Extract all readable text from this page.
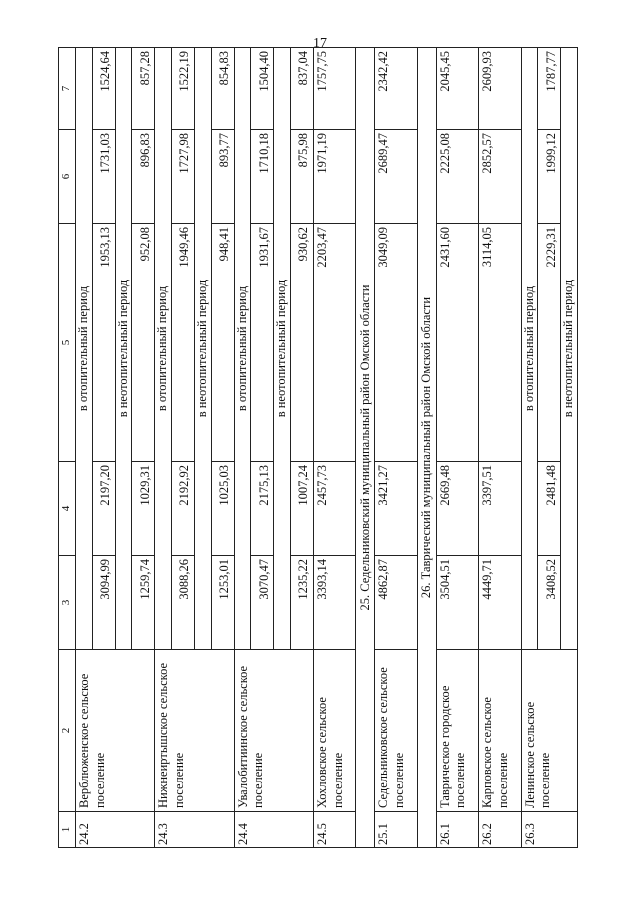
17
1	2	3	4	5	6	7
24.2	Верблюженское сельское поселение	в отопительный период				
		3094,99	2197,20	1953,13	1731,03	1524,64
		в неотопительный период				
		1259,74	1029,31	952,08	896,83	857,28
24.3	Нижнеиртышское сельское поселение	в отопительный период				
		3088,26	2192,92	1949,46	1727,98	1522,19
		в неотопительный период				
		1253,01	1025,03	948,41	893,77	854,83
24.4	Увалобитиинское сельское поселение	в отопительный период				
		3070,47	2175,13	1931,67	1710,18	1504,40
		в неотопительный период				
		1235,22	1007,24	930,62	875,98	837,04
24.5	Хохловское сельское поселение	3393,14	2457,73	2203,47	1971,19	1757,75
25. Седельниковский муниципальный район Омской области						
25.1	Седельниковское сельское поселение	4862,87	3421,27	3049,09	2689,47	2342,42
26. Таврический муниципальный район Омской области						
26.1	Таврическое городское поселение	3504,51	2669,48	2431,60	2225,08	2045,45
26.2	Карповское сельское поселение	4449,71	3397,51	3114,05	2852,57	2609,93
26.3	Ленинское сельское поселение	в отопительный период				
		3408,52	2481,48	2229,31	1999,12	1787,77
		в неотопительный период				
